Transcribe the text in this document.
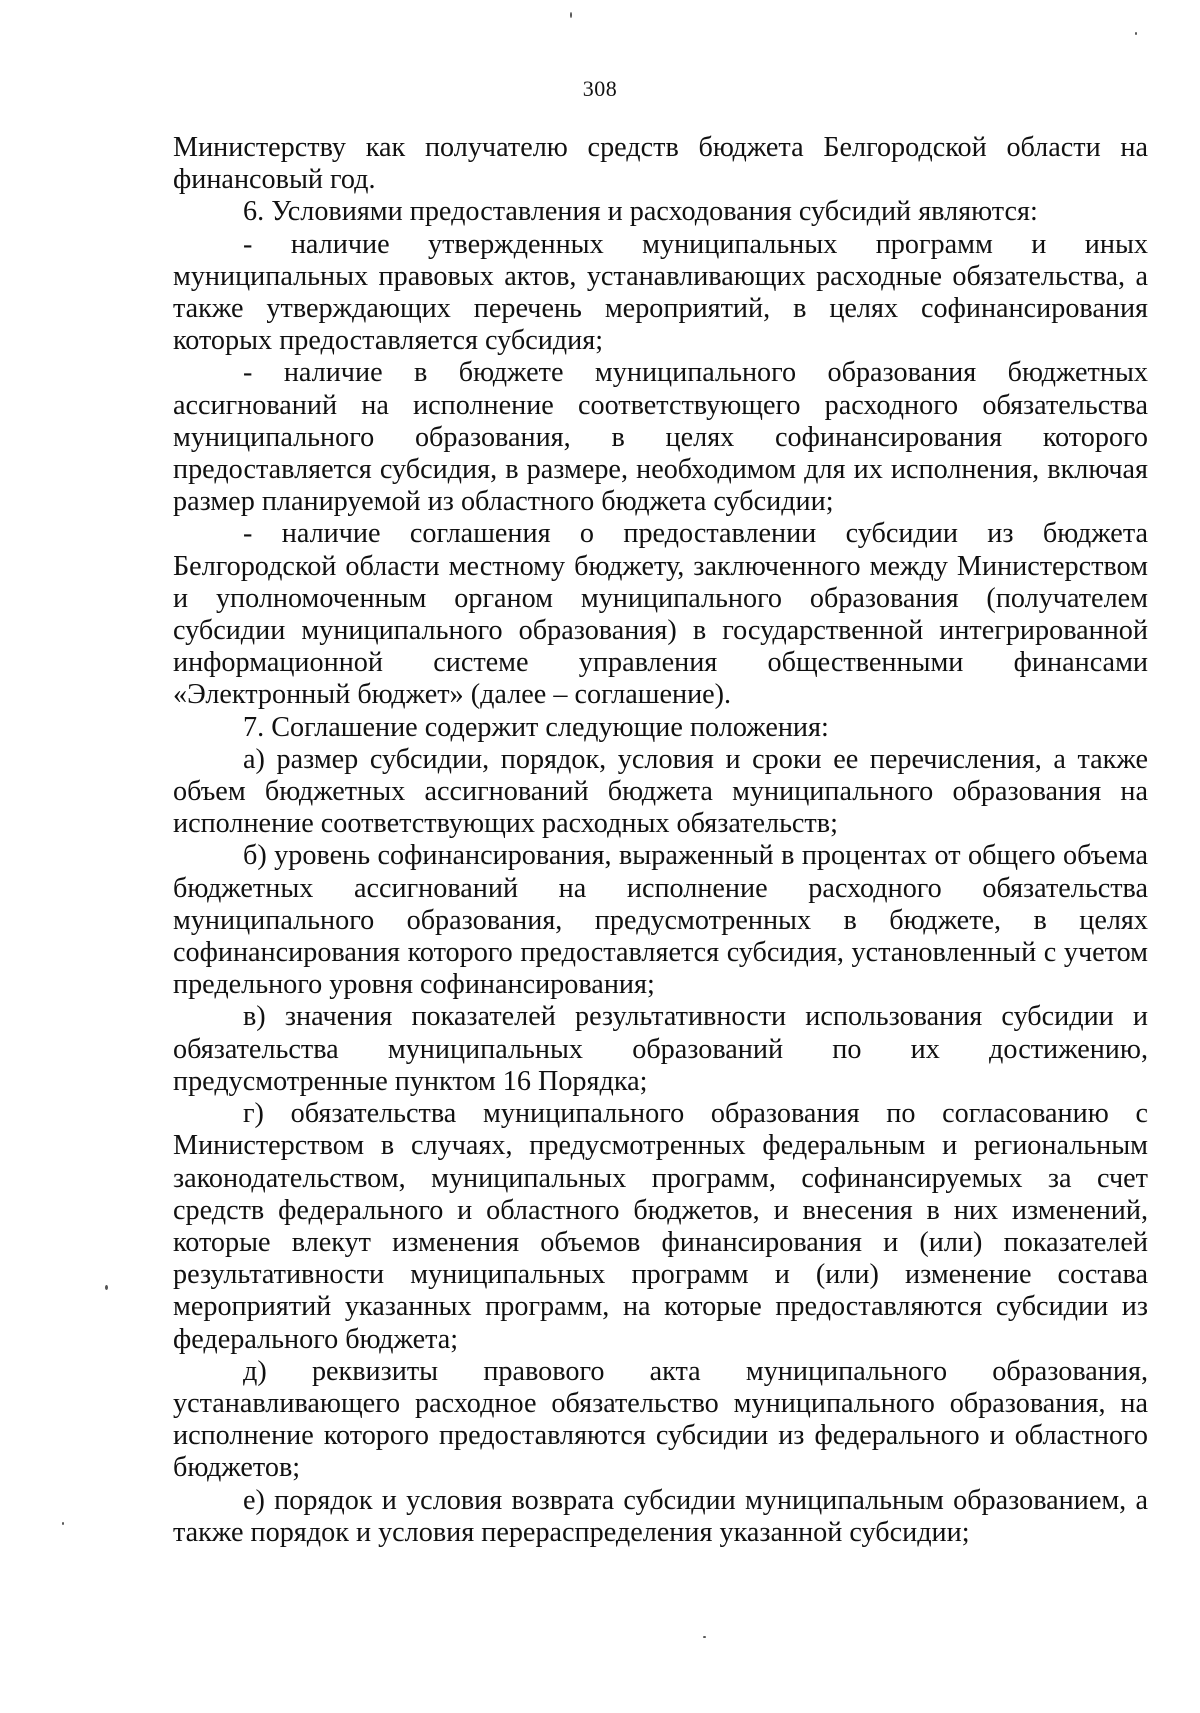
308

Министерству как получателю средств бюджета Белгородской области на финансовый год.

6. Условиями предоставления и расходования субсидий являются:

- наличие утвержденных муниципальных программ и иных муниципальных правовых актов, устанавливающих расходные обязательства, а также утверждающих перечень мероприятий, в целях софинансирования которых предоставляется субсидия;

- наличие в бюджете муниципального образования бюджетных ассигнований на исполнение соответствующего расходного обязательства муниципального образования, в целях софинансирования которого предоставляется субсидия, в размере, необходимом для их исполнения, включая размер планируемой из областного бюджета субсидии;

- наличие соглашения о предоставлении субсидии из бюджета Белгородской области местному бюджету, заключенного между Министерством и уполномоченным органом муниципального образования (получателем субсидии муниципального образования) в государственной интегрированной информационной системе управления общественными финансами «Электронный бюджет» (далее – соглашение).

7. Соглашение содержит следующие положения:

а) размер субсидии, порядок, условия и сроки ее перечисления, а также объем бюджетных ассигнований бюджета муниципального образования на исполнение соответствующих расходных обязательств;

б) уровень софинансирования, выраженный в процентах от общего объема бюджетных ассигнований на исполнение расходного обязательства муниципального образования, предусмотренных в бюджете, в целях софинансирования которого предоставляется субсидия, установленный с учетом предельного уровня софинансирования;

в) значения показателей результативности использования субсидии и обязательства муниципальных образований по их достижению, предусмотренные пунктом 16 Порядка;

г) обязательства муниципального образования по согласованию с Министерством в случаях, предусмотренных федеральным и региональным законодательством, муниципальных программ, софинансируемых за счет средств федерального и областного бюджетов, и внесения в них изменений, которые влекут изменения объемов финансирования и (или) показателей результативности муниципальных программ и (или) изменение состава мероприятий указанных программ, на которые предоставляются субсидии из федерального бюджета;

д) реквизиты правового акта муниципального образования, устанавливающего расходное обязательство муниципального образования, на исполнение которого предоставляются субсидии из федерального и областного бюджетов;

е) порядок и условия возврата субсидии муниципальным образованием, а также порядок и условия перераспределения указанной субсидии;
